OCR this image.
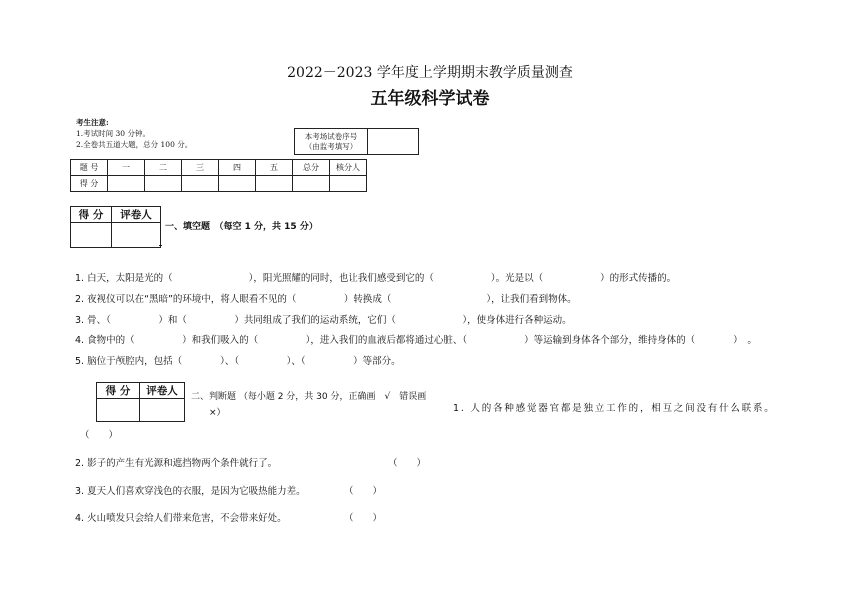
2022－2023 学年度上学期期末教学质量测查
五年级科学试卷
考生注意:
1.考试时间 30 分钟。
2.全卷共五道大题，总分 100 分。
本考场试卷序号
（由监考填写）

题 号	一	二	三	四	五	总分	核分人
得 分							
得 分	评卷人

一、填空题　（每空 1 分，共 15 分）
1. 白天，太阳是光的（　　　　　　　　），阳光照耀的同时，也让我们感受到它的（　　　　　　）。光是以（　　　　　　）的形式传播的。
2. 夜视仪可以在“黑暗”的环境中，将人眼看不见的（　　　　　）转换成（　　　　　　　　　　），让我们看到物体。
3. 骨、（　　　　　）和（　　　　　）共同组成了我们的运动系统，它们（　　　　　　　），使身体进行各种运动。
4. 食物中的（　　　　　）和我们吸入的（　　　　　），进入我们的血液后都将通过心脏、（　　　　　　）等运输到身体各个部分，维持身体的（　　　　）　。
5. 脑位于颅腔内，包括（　　　　）、（　　　　　）、（　　　　　）等部分。
得 分	评卷人
	二、判断题 （每小题 2 分，共 30 分，正确画　√　错误画
×）	1. 人的各种感觉器官都是独立工作的，相互之间没有什么联系。
（　　）
2. 影子的产生有光源和遮挡物两个条件就行了。	（　　）
3. 夏天人们喜欢穿浅色的衣服，是因为它吸热能力差。	（　　）
4. 火山喷发只会给人们带来危害，不会带来好处。	（　　）
